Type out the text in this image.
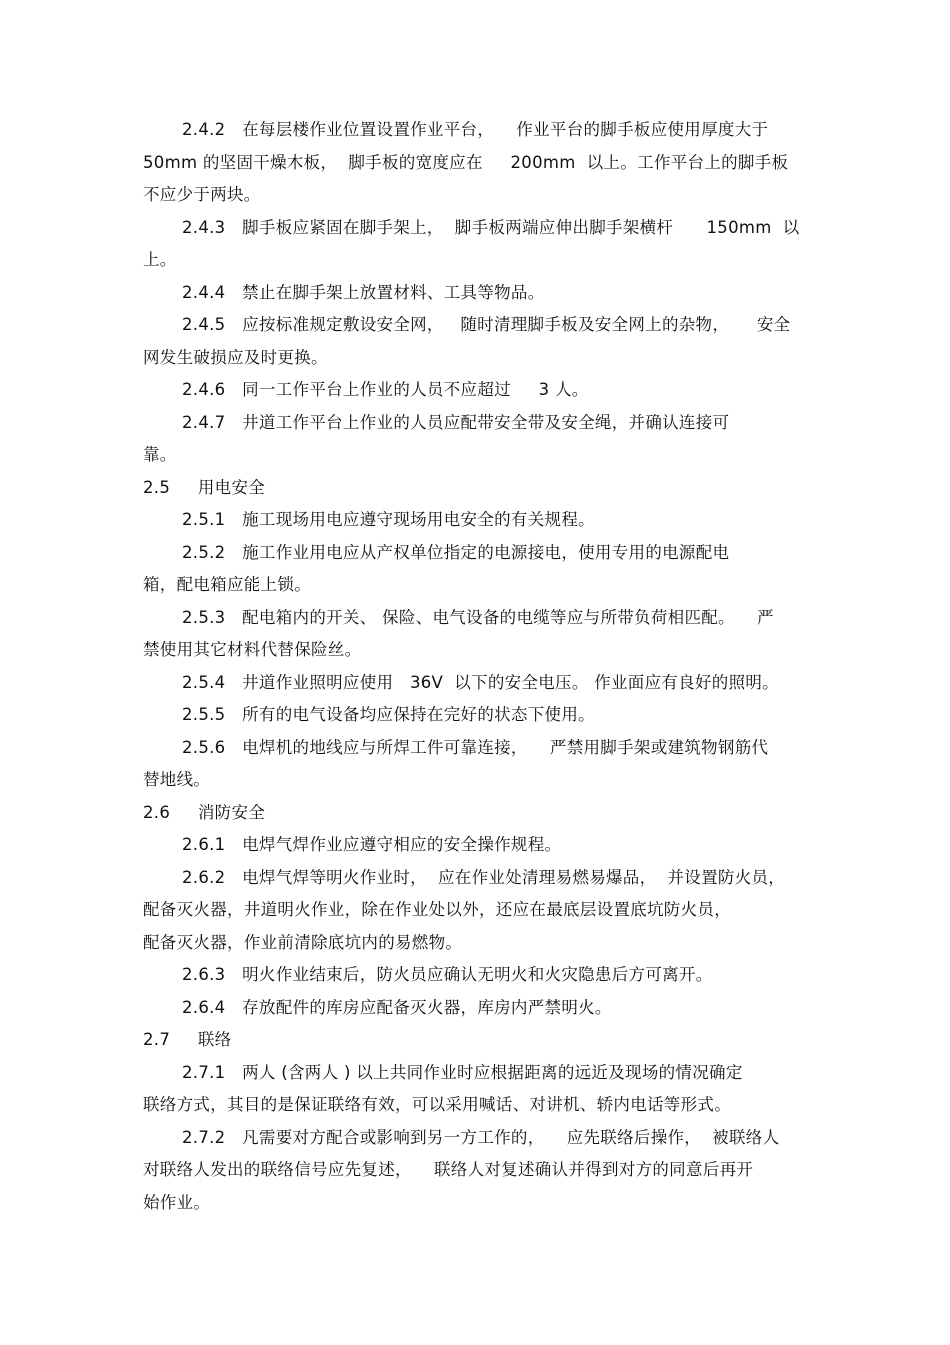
2.4.2   在每层楼作业位置设置作业平台，    作业平台的脚手板应使用厚度大于
50mm 的坚固干燥木板，  脚手板的宽度应在     200mm  以上。工作平台上的脚手板
不应少于两块。
2.4.3   脚手板应紧固在脚手架上，  脚手板两端应伸出脚手架横杆      150mm  以
上。
2.4.4   禁止在脚手架上放置材料、工具等物品。
2.4.5   应按标准规定敷设安全网，   随时清理脚手板及安全网上的杂物，     安全
网发生破损应及时更换。
2.4.6   同一工作平台上作业的人员不应超过     3 人。
2.4.7   井道工作平台上作业的人员应配带安全带及安全绳，并确认连接可
靠。
2.5     用电安全
2.5.1   施工现场用电应遵守现场用电安全的有关规程。
2.5.2   施工作业用电应从产权单位指定的电源接电，使用专用的电源配电
箱，配电箱应能上锁。
2.5.3   配电箱内的开关、 保险、电气设备的电缆等应与所带负荷相匹配。    严
禁使用其它材料代替保险丝。
2.5.4   井道作业照明应使用   36V  以下的安全电压。 作业面应有良好的照明。
2.5.5   所有的电气设备均应保持在完好的状态下使用。
2.5.6   电焊机的地线应与所焊工件可靠连接，    严禁用脚手架或建筑物钢筋代
替地线。
2.6     消防安全
2.6.1   电焊气焊作业应遵守相应的安全操作规程。
2.6.2   电焊气焊等明火作业时，  应在作业处清理易燃易爆品，  并设置防火员，
配备灭火器，井道明火作业，除在作业处以外，还应在最底层设置底坑防火员，
配备灭火器，作业前清除底坑内的易燃物。
2.6.3   明火作业结束后，防火员应确认无明火和火灾隐患后方可离开。
2.6.4   存放配件的库房应配备灭火器，库房内严禁明火。
2.7     联络
2.7.1   两人 (含两人 ) 以上共同作业时应根据距离的远近及现场的情况确定
联络方式，其目的是保证联络有效，可以采用喊话、对讲机、轿内电话等形式。
2.7.2   凡需要对方配合或影响到另一方工作的，    应先联络后操作，  被联络人
对联络人发出的联络信号应先复述，    联络人对复述确认并得到对方的同意后再开
始作业。
